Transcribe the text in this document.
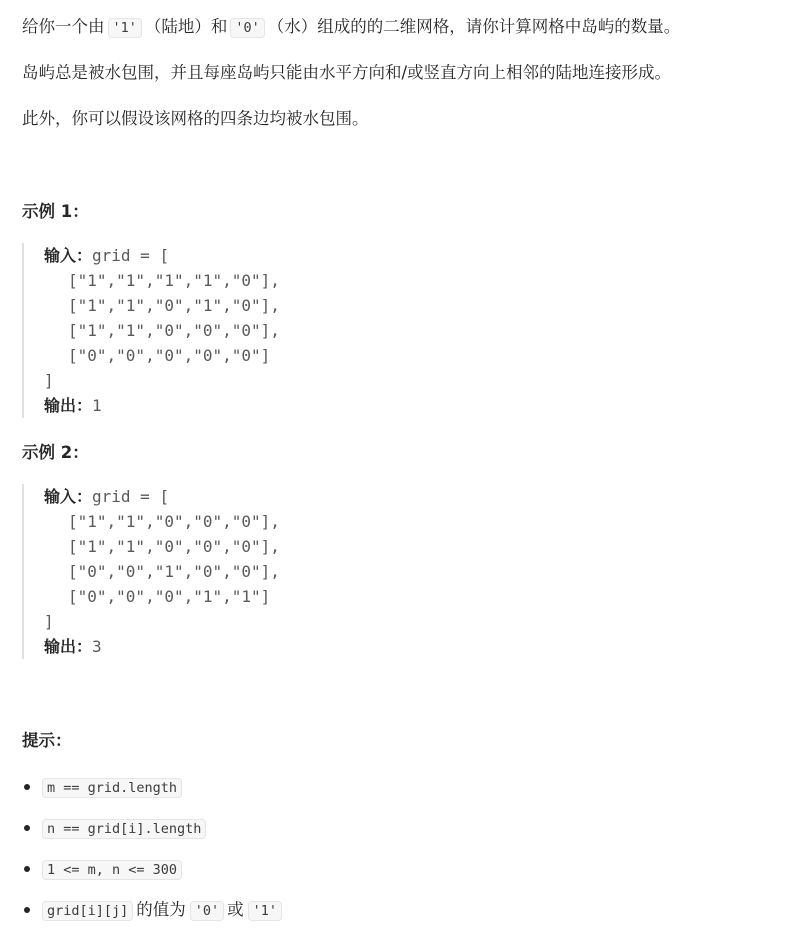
给你一个由 '1' （陆地）和 '0' （水）组成的的二维网格，请你计算网格中岛屿的数量。

岛屿总是被水包围，并且每座岛屿只能由水平方向和/或竖直方向上相邻的陆地连接形成。

此外，你可以假设该网格的四条边均被水包围。

示例 1：
输入：grid = [
["1","1","1","1","0"],
["1","1","0","1","0"],
["1","1","0","0","0"],
["0","0","0","0","0"]
]
输出：1
示例 2：
输入：grid = [
["1","1","0","0","0"],
["1","1","0","0","0"],
["0","0","1","0","0"],
["0","0","0","1","1"]
]
输出：3
提示：
m == grid.length
n == grid[i].length
1 <= m, n <= 300
grid[i][j] 的值为 '0' 或 '1'
